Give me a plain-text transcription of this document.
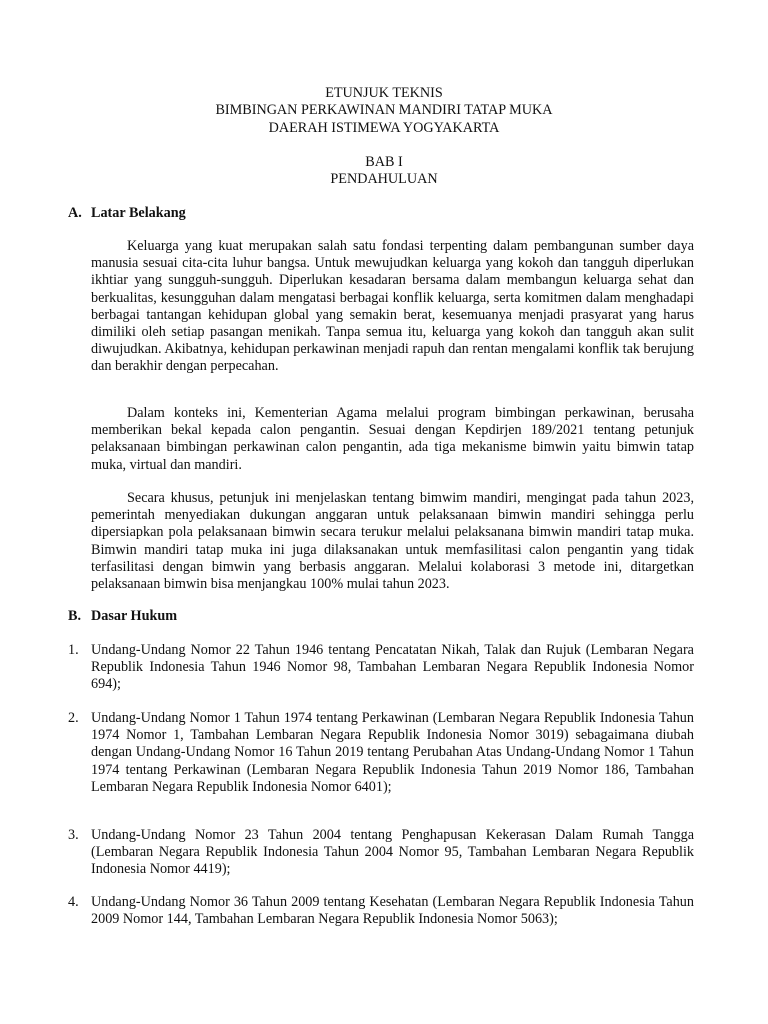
ETUNJUK TEKNIS
BIMBINGAN PERKAWINAN MANDIRI TATAP MUKA
DAERAH ISTIMEWA YOGYAKARTA
BAB I
PENDAHULUAN
A. Latar Belakang

Keluarga yang kuat merupakan salah satu fondasi terpenting dalam pembangunan sumber daya manusia sesuai cita-cita luhur bangsa. Untuk mewujudkan keluarga yang kokoh dan tangguh diperlukan ikhtiar yang sungguh-sungguh. Diperlukan kesadaran bersama dalam membangun keluarga sehat dan berkualitas, kesungguhan dalam mengatasi berbagai konflik keluarga, serta komitmen dalam menghadapi berbagai tantangan kehidupan global yang semakin berat, kesemuanya menjadi prasyarat yang harus dimiliki oleh setiap pasangan menikah. Tanpa semua itu, keluarga yang kokoh dan tangguh akan sulit diwujudkan. Akibatnya, kehidupan perkawinan menjadi rapuh dan rentan mengalami konflik tak berujung dan berakhir dengan perpecahan.

Dalam konteks ini, Kementerian Agama melalui program bimbingan perkawinan, berusaha memberikan bekal kepada calon pengantin. Sesuai dengan Kepdirjen 189/2021 tentang petunjuk pelaksanaan bimbingan perkawinan calon pengantin, ada tiga mekanisme bimwin yaitu bimwin tatap muka, virtual dan mandiri.

Secara khusus, petunjuk ini menjelaskan tentang bimwim mandiri, mengingat pada tahun 2023, pemerintah menyediakan dukungan anggaran untuk pelaksanaan bimwin mandiri sehingga perlu dipersiapkan pola pelaksanaan bimwin secara terukur melalui pelaksanana bimwin mandiri tatap muka. Bimwin mandiri tatap muka ini juga dilaksanakan untuk memfasilitasi calon pengantin yang tidak terfasilitasi dengan bimwin yang berbasis anggaran. Melalui kolaborasi 3 metode ini, ditargetkan pelaksanaan bimwin bisa menjangkau 100% mulai tahun 2023.

B. Dasar Hukum
1. Undang-Undang Nomor 22 Tahun 1946 tentang Pencatatan Nikah, Talak dan Rujuk (Lembaran Negara Republik Indonesia Tahun 1946 Nomor 98, Tambahan Lembaran Negara Republik Indonesia Nomor 694);
2. Undang-Undang Nomor 1 Tahun 1974 tentang Perkawinan (Lembaran Negara Republik Indonesia Tahun 1974 Nomor 1, Tambahan Lembaran Negara Republik Indonesia Nomor 3019) sebagaimana diubah dengan Undang-Undang Nomor 16 Tahun 2019 tentang Perubahan Atas Undang-Undang Nomor 1 Tahun 1974 tentang Perkawinan (Lembaran Negara Republik Indonesia Tahun 2019 Nomor 186, Tambahan Lembaran Negara Republik Indonesia Nomor 6401);
3. Undang-Undang Nomor 23 Tahun 2004 tentang Penghapusan Kekerasan Dalam Rumah Tangga (Lembaran Negara Republik Indonesia Tahun 2004 Nomor 95, Tambahan Lembaran Negara Republik Indonesia Nomor 4419);
4. Undang-Undang Nomor 36 Tahun 2009 tentang Kesehatan (Lembaran Negara Republik Indonesia Tahun 2009 Nomor 144, Tambahan Lembaran Negara Republik Indonesia Nomor 5063);
